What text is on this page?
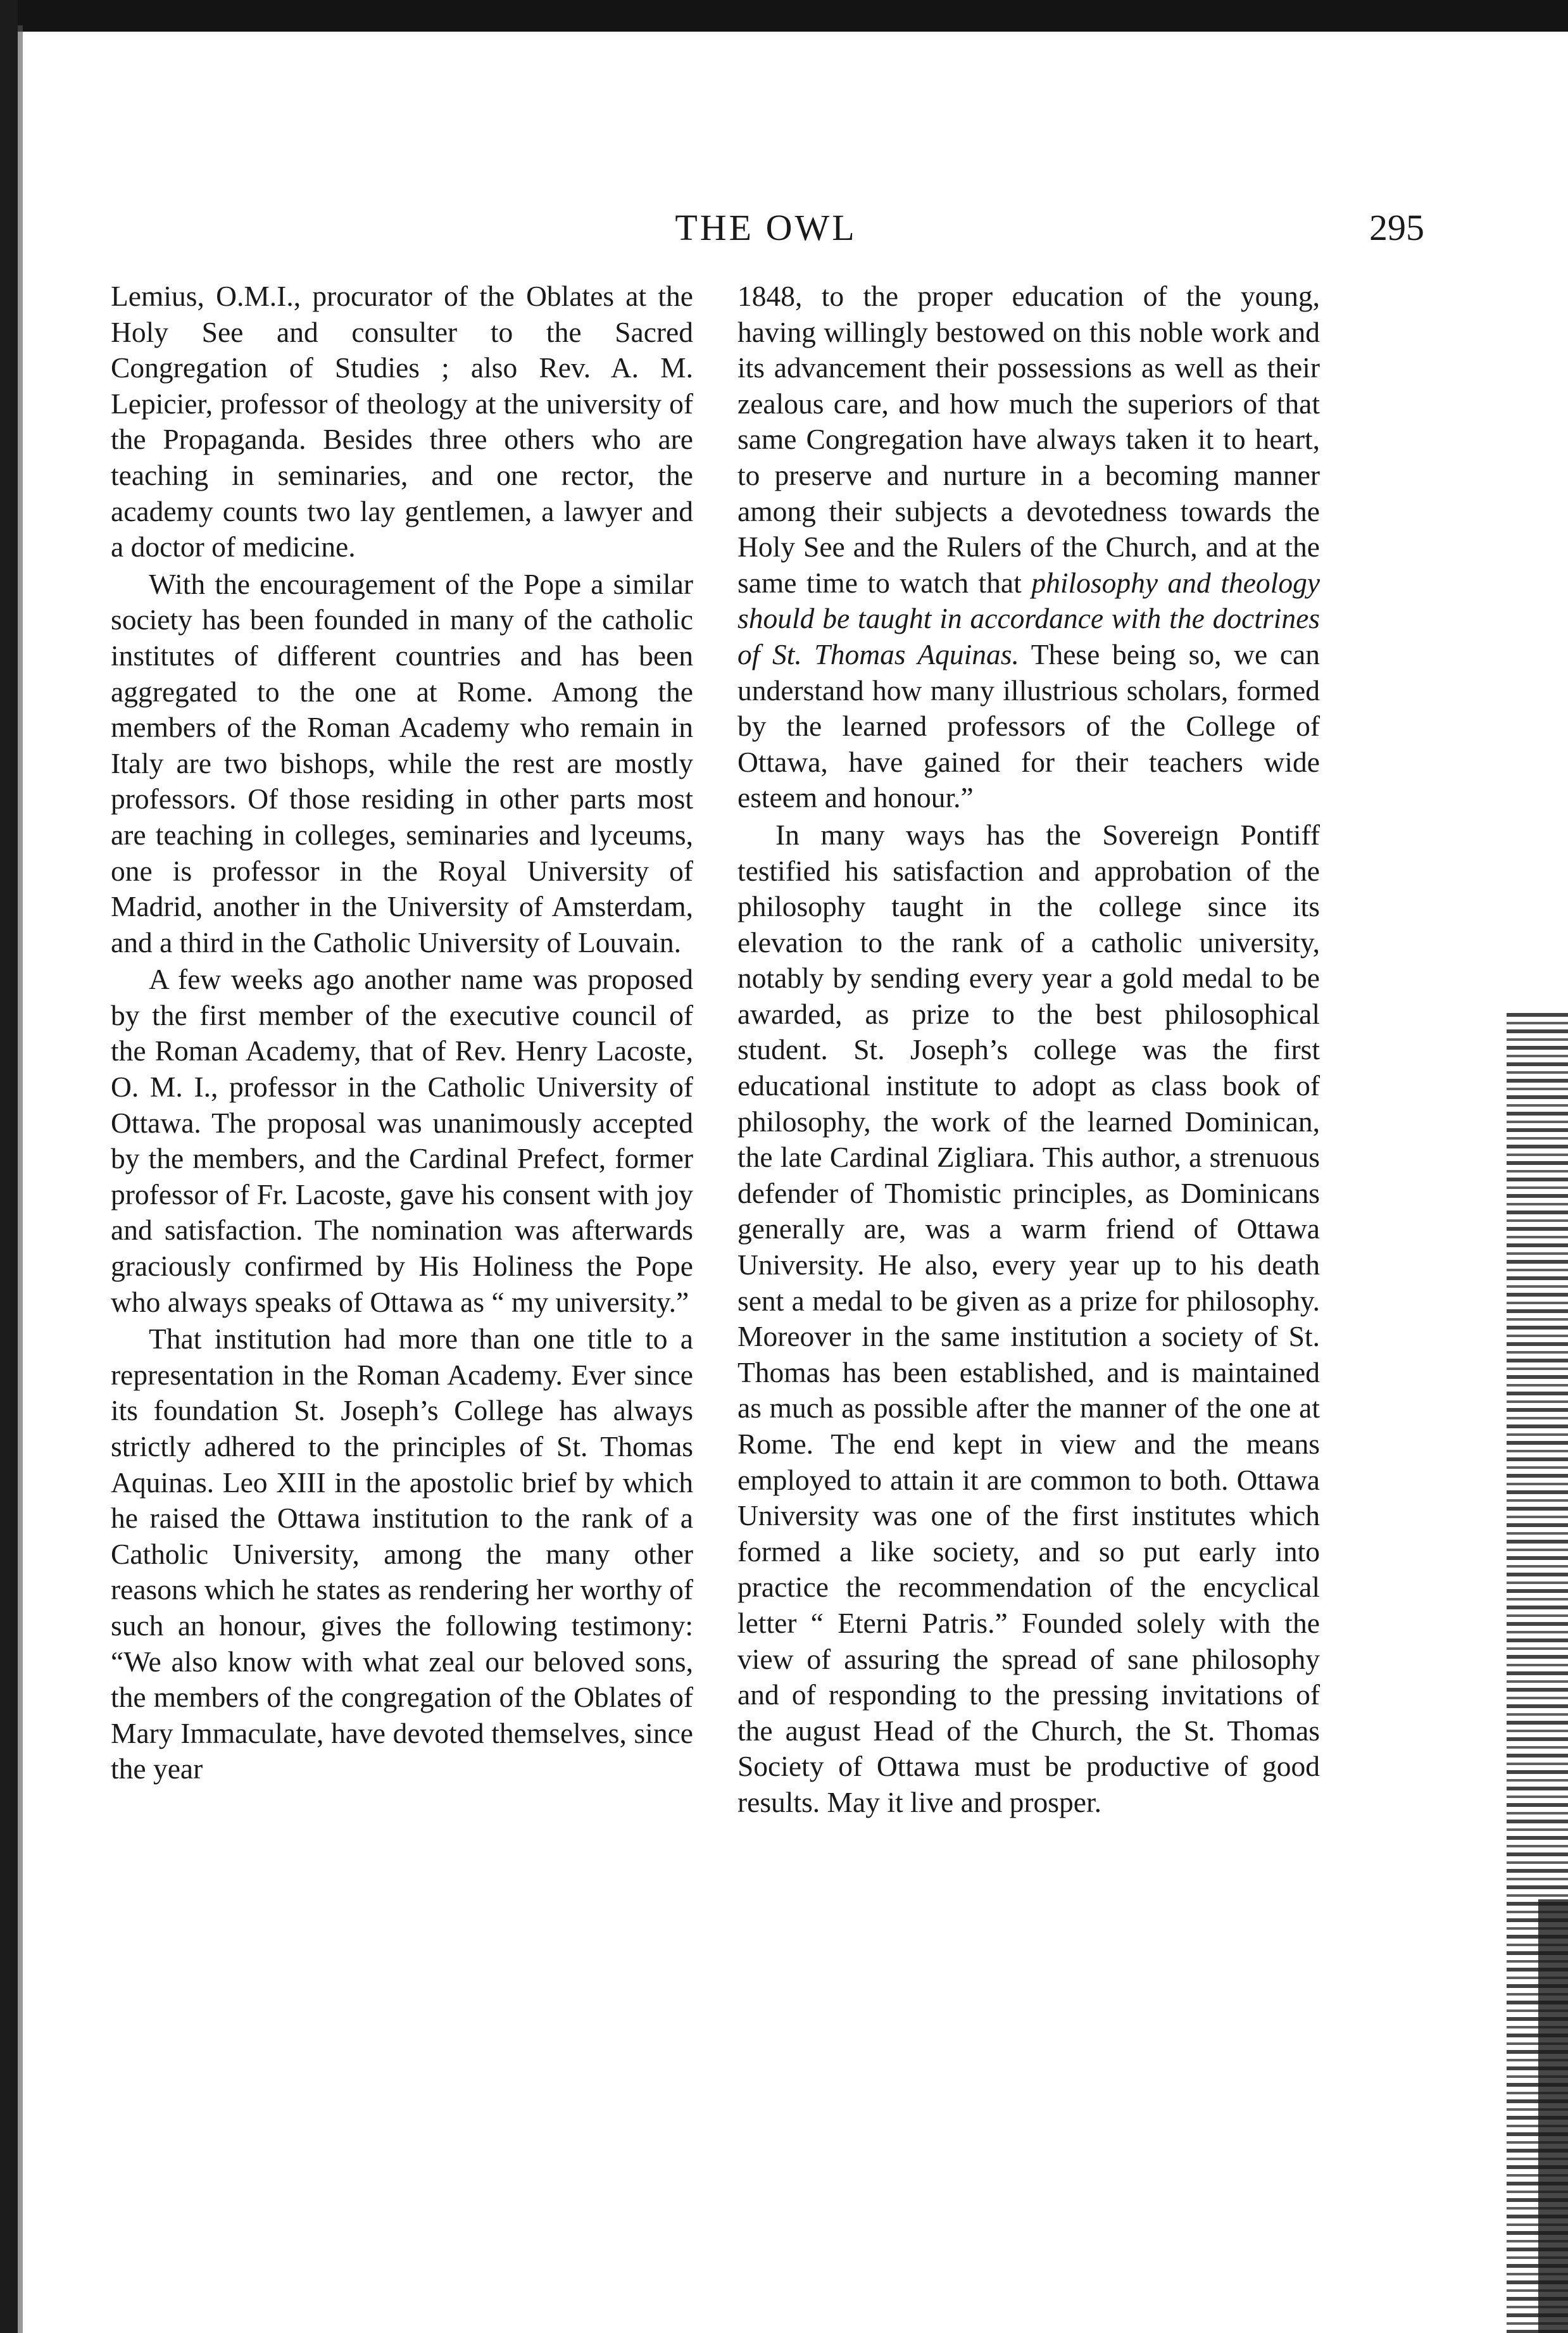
THE OWL	295

Lemius, O.M.I., procurator of the Oblates at the Holy See and consulter to the Sacred Congregation of Studies ; also Rev. A. M. Lepicier, professor of theology at the university of the Propaganda. Besides three others who are teaching in seminaries, and one rector, the academy counts two lay gentlemen, a lawyer and a doctor of medicine.

With the encouragement of the Pope a similar society has been founded in many of the catholic institutes of different countries and has been aggregated to the one at Rome. Among the members of the Roman Academy who remain in Italy are two bishops, while the rest are mostly professors. Of those residing in other parts most are teaching in colleges, seminaries and lyceums, one is professor in the Royal University of Madrid, another in the University of Amsterdam, and a third in the Catholic University of Louvain.

A few weeks ago another name was proposed by the first member of the executive council of the Roman Academy, that of Rev. Henry Lacoste, O. M. I., professor in the Catholic University of Ottawa. The proposal was unanimously accepted by the members, and the Cardinal Prefect, former professor of Fr. Lacoste, gave his consent with joy and satisfaction. The nomination was afterwards graciously confirmed by His Holiness the Pope who always speaks of Ottawa as “ my university.”

That institution had more than one title to a representation in the Roman Academy. Ever since its foundation St. Joseph’s College has always strictly adhered to the principles of St. Thomas Aquinas. Leo XIII in the apostolic brief by which he raised the Ottawa institution to the rank of a Catholic University, among the many other reasons which he states as rendering her worthy of such an honour, gives the following testimony: “We also know with what zeal our beloved sons, the members of the congregation of the Oblates of Mary Immaculate, have devoted themselves, since the year

1848, to the proper education of the young, having willingly bestowed on this noble work and its advancement their possessions as well as their zealous care, and how much the superiors of that same Congregation have always taken it to heart, to preserve and nurture in a becoming manner among their subjects a devotedness towards the Holy See and the Rulers of the Church, and at the same time to watch that philosophy and theology should be taught in accordance with the doctrines of St. Thomas Aquinas. These being so, we can understand how many illustrious scholars, formed by the learned professors of the College of Ottawa, have gained for their teachers wide esteem and honour.”

In many ways has the Sovereign Pontiff testified his satisfaction and approbation of the philosophy taught in the college since its elevation to the rank of a catholic university, notably by sending every year a gold medal to be awarded, as prize to the best philosophical student. St. Joseph’s college was the first educational institute to adopt as class book of philosophy, the work of the learned Dominican, the late Cardinal Zigliara. This author, a strenuous defender of Thomistic principles, as Dominicans generally are, was a warm friend of Ottawa University. He also, every year up to his death sent a medal to be given as a prize for philosophy. Moreover in the same institution a society of St. Thomas has been established, and is maintained as much as possible after the manner of the one at Rome. The end kept in view and the means employed to attain it are common to both. Ottawa University was one of the first institutes which formed a like society, and so put early into practice the recommendation of the encyclical letter “ Eterni Patris.” Founded solely with the view of assuring the spread of sane philosophy and of responding to the pressing invitations of the august Head of the Church, the St. Thomas Society of Ottawa must be productive of good results. May it live and prosper.
